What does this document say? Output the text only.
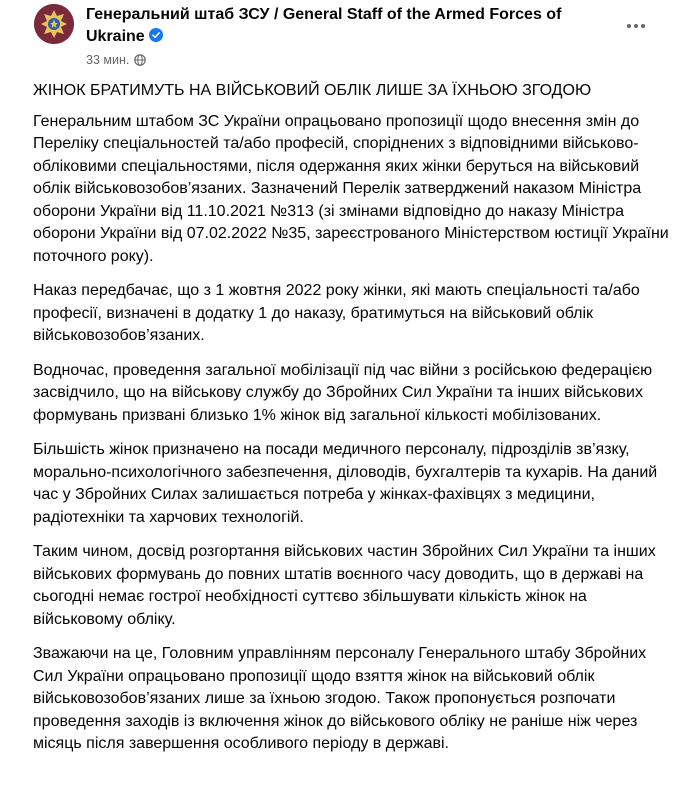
Генеральний штаб ЗСУ / General Staff of the Armed Forces of Ukraine
33 мин.
ЖІНОК БРАТИМУТЬ НА ВІЙСЬКОВИЙ ОБЛІК ЛИШЕ ЗА ЇХНЬОЮ ЗГОДОЮ

Генеральним штабом ЗС України опрацьовано пропозиції щодо внесення змін до Переліку спеціальностей та/або професій, споріднених з відповідними військово-обліковими спеціальностями, після одержання яких жінки беруться на військовий облік військовозобов’язаних. Зазначений Перелік затверджений наказом Міністра оборони України від 11.10.2021 №313 (зі змінами відповідно до наказу Міністра оборони України від 07.02.2022 №35, зареєстрованого Міністерством юстиції України поточного року).

Наказ передбачає, що з 1 жовтня 2022 року жінки, які мають спеціальності та/або професії, визначені в додатку 1 до наказу, братимуться на військовий облік військовозобов’язаних.

Водночас, проведення загальної мобілізації під час війни з російською федерацією засвідчило, що на військову службу до Збройних Сил України та інших військових формувань призвані близько 1% жінок від загальної кількості мобілізованих.

Більшість жінок призначено на посади медичного персоналу, підрозділів зв’язку, морально-психологічного забезпечення, діловодів, бухгалтерів та кухарів. На даний час у Збройних Силах залишається потреба у жінках-фахівцях з медицини, радіотехніки та харчових технологій.

Таким чином, досвід розгортання військових частин Збройних Сил України та інших військових формувань до повних штатів воєнного часу доводить, що в державі на сьогодні немає гострої необхідності суттєво збільшувати кількість жінок на військовому обліку.

Зважаючи на це, Головним управлінням персоналу Генерального штабу Збройних Сил України опрацьовано пропозиції щодо взяття жінок на військовий облік військовозобов’язаних лише за їхньою згодою. Також пропонується розпочати проведення заходів із включення жінок до військового обліку не раніше ніж через місяць після завершення особливого періоду в державі.
